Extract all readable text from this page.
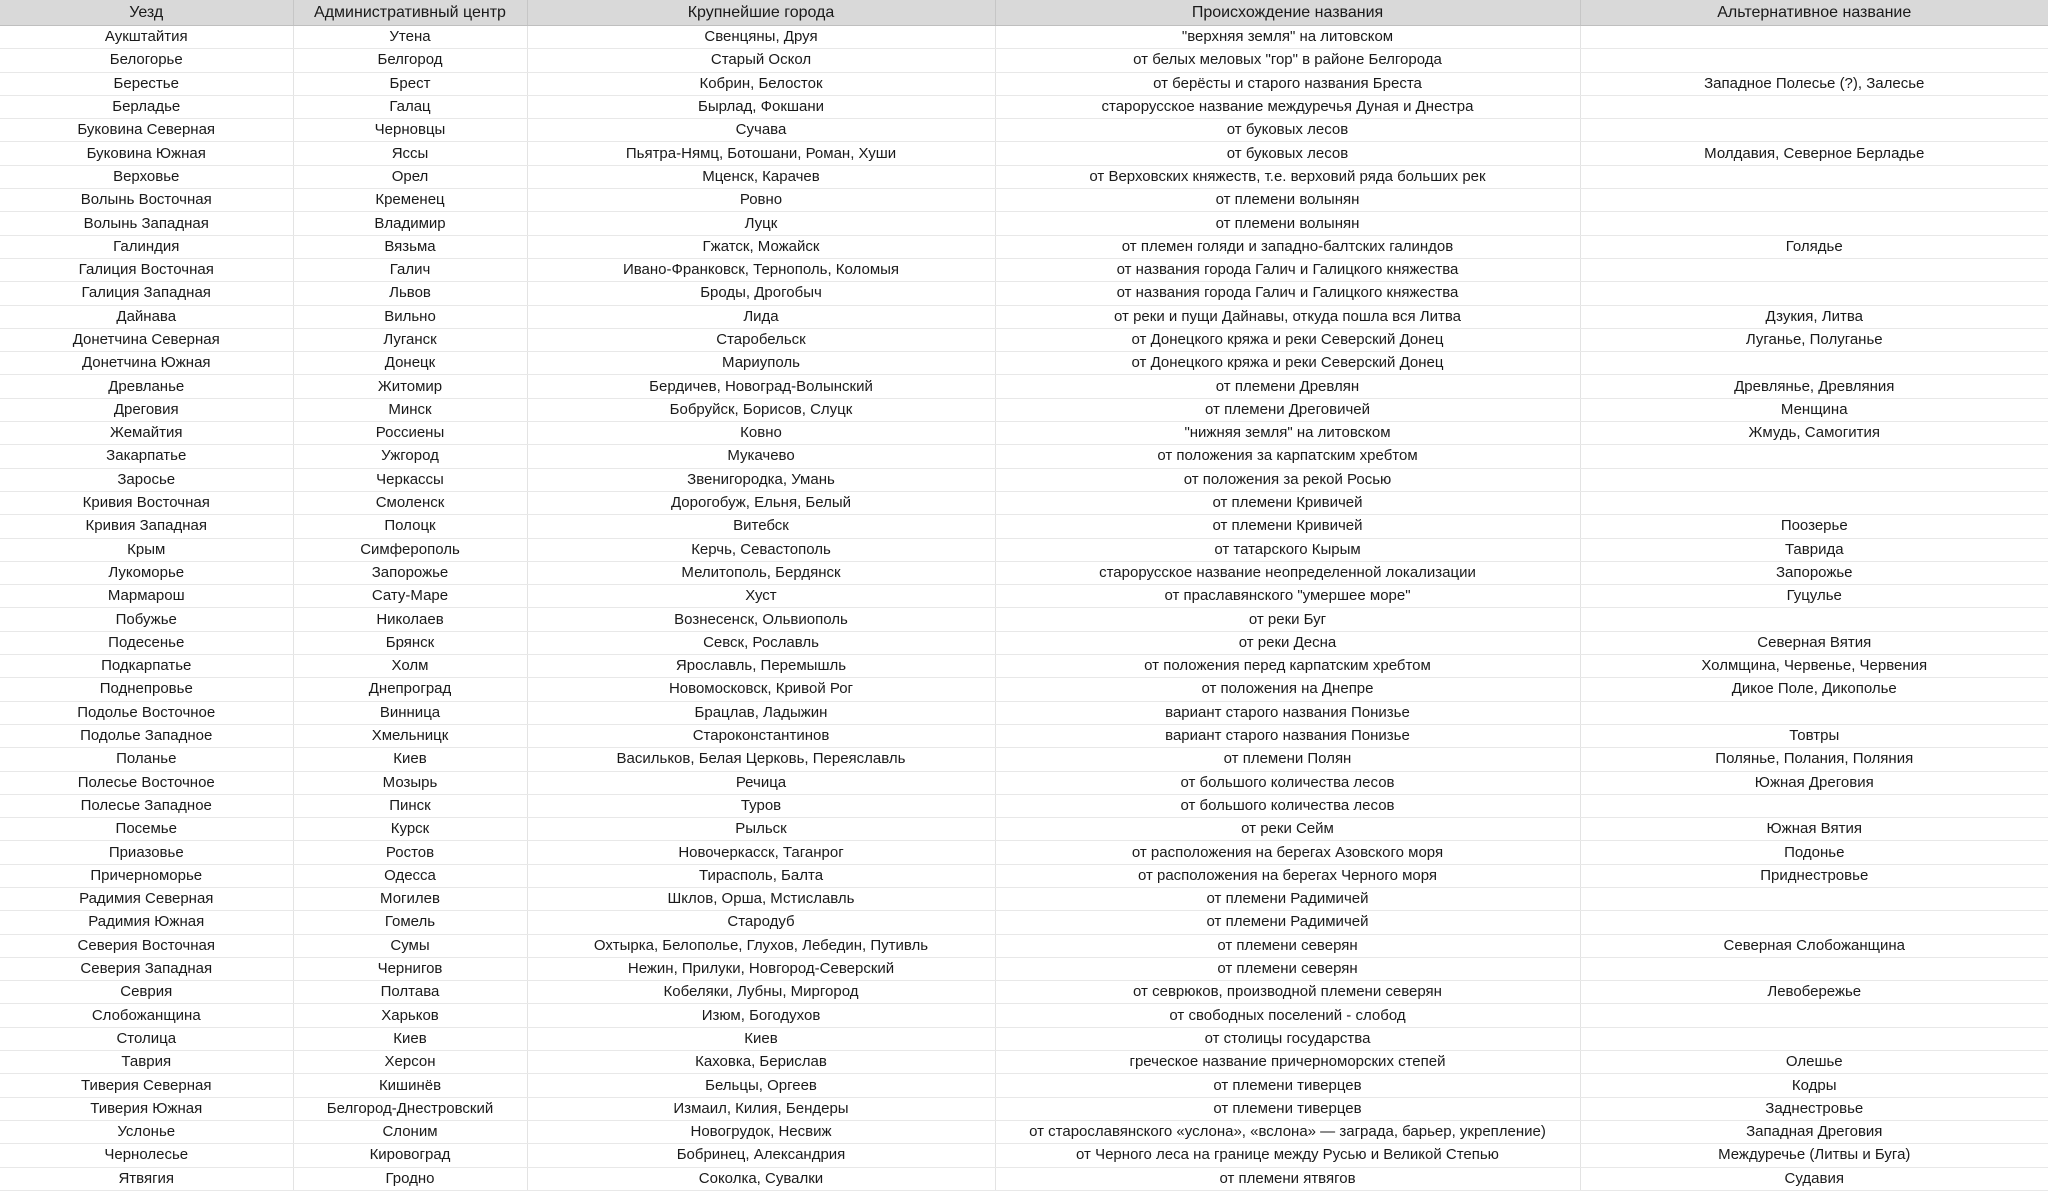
Уезд	Административный центр	Крупнейшие города	Происхождение названия	Альтернативное название
Аукштайтия	Утена	Свенцяны, Друя	"верхняя земля" на литовском	
Белогорье	Белгород	Старый Оскол	от белых меловых "гор" в районе Белгорода	
Берестье	Брест	Кобрин, Белосток	от берёсты и старого названия Бреста	Западное Полесье (?), Залесье
Берладье	Галац	Бырлад, Фокшани	старорусское название междуречья Дуная и Днестра	
Буковина Северная	Черновцы	Сучава	от буковых лесов	
Буковина Южная	Яссы	Пьятра-Нямц, Ботошани, Роман, Хуши	от буковых лесов	Молдавия, Северное Берладье
Верховье	Орел	Мценск, Карачев	от Верховских княжеств, т.е. верховий ряда больших рек	
Волынь Восточная	Кременец	Ровно	от племени волынян	
Волынь Западная	Владимир	Луцк	от племени волынян	
Галиндия	Вязьма	Гжатск, Можайск	от племен голяди и западно-балтских галиндов	Голядье
Галиция Восточная	Галич	Ивано-Франковск, Тернополь, Коломыя	от названия города Галич и Галицкого княжества	
Галиция Западная	Львов	Броды, Дрогобыч	от названия города Галич и Галицкого княжества	
Дайнава	Вильно	Лида	от реки и пущи Дайнавы, откуда пошла вся Литва	Дзукия, Литва
Донетчина Северная	Луганск	Старобельск	от Донецкого кряжа и реки Северский Донец	Луганье, Полуганье
Донетчина Южная	Донецк	Мариуполь	от Донецкого кряжа и реки Северский Донец	
Древланье	Житомир	Бердичев, Новоград-Волынский	от племени Древлян	Древлянье, Древляния
Дреговия	Минск	Бобруйск, Борисов, Слуцк	от племени Дреговичей	Менщина
Жемайтия	Россиены	Ковно	"нижняя земля" на литовском	Жмудь, Самогития
Закарпатье	Ужгород	Мукачево	от положения за карпатским хребтом	
Заросье	Черкассы	Звенигородка, Умань	от положения за рекой Росью	
Кривия Восточная	Смоленск	Дорогобуж, Ельня, Белый	от племени Кривичей	
Кривия Западная	Полоцк	Витебск	от племени Кривичей	Поозерье
Крым	Симферополь	Керчь, Севастополь	от татарского Кырым	Таврида
Лукоморье	Запорожье	Мелитополь, Бердянск	старорусское название неопределенной локализации	Запорожье
Мармарош	Сату-Маре	Хуст	от праславянского "умершее море"	Гуцулье
Побужье	Николаев	Вознесенск, Ольвиополь	от реки Буг	
Подесенье	Брянск	Севск, Рославль	от реки Десна	Северная Вятия
Подкарпатье	Холм	Ярославль, Перемышль	от положения перед карпатским хребтом	Холмщина, Червенье, Червения
Поднепровье	Днепроград	Новомосковск, Кривой Рог	от положения на Днепре	Дикое Поле, Дикополье
Подолье Восточное	Винница	Брацлав, Ладыжин	вариант старого названия Понизье	
Подолье Западное	Хмельницк	Староконстантинов	вариант старого названия Понизье	Товтры
Поланье	Киев	Васильков, Белая Церковь, Переяславль	от племени Полян	Полянье, Полания, Поляния
Полесье Восточное	Мозырь	Речица	от большого количества лесов	Южная Дреговия
Полесье Западное	Пинск	Туров	от большого количества лесов	
Посемье	Курск	Рыльск	от реки Сейм	Южная Вятия
Приазовье	Ростов	Новочеркасск, Таганрог	от расположения на берегах Азовского моря	Подонье
Причерноморье	Одесса	Тирасполь, Балта	от расположения на берегах Черного моря	Приднестровье
Радимия Северная	Могилев	Шклов, Орша, Мстиславль	от племени Радимичей	
Радимия Южная	Гомель	Стародуб	от племени Радимичей	
Северия Восточная	Сумы	Охтырка, Белополье, Глухов, Лебедин, Путивль	от племени северян	Северная Слобожанщина
Северия Западная	Чернигов	Нежин, Прилуки, Новгород-Северский	от племени северян	
Севрия	Полтава	Кобеляки, Лубны, Миргород	от севрюков, производной племени северян	Левобережье
Слобожанщина	Харьков	Изюм, Богодухов	от свободных поселений - слобод	
Столица	Киев	Киев	от столицы государства	
Таврия	Херсон	Каховка, Берислав	греческое название причерноморских степей	Олешье
Тиверия Северная	Кишинёв	Бельцы, Оргеев	от племени тиверцев	Кодры
Тиверия Южная	Белгород-Днестровский	Измаил, Килия, Бендеры	от племени тиверцев	Заднестровье
Услонье	Слоним	Новогрудок, Несвиж	от старославянского «услона», «вслона» — заграда, барьер, укрепление)	Западная Дреговия
Чернолесье	Кировоград	Бобринец, Александрия	от Черного леса на границе между Русью и Великой Степью	Междуречье (Литвы и Буга)
Ятвягия	Гродно	Соколка, Сувалки	от племени ятвягов	Судавия
